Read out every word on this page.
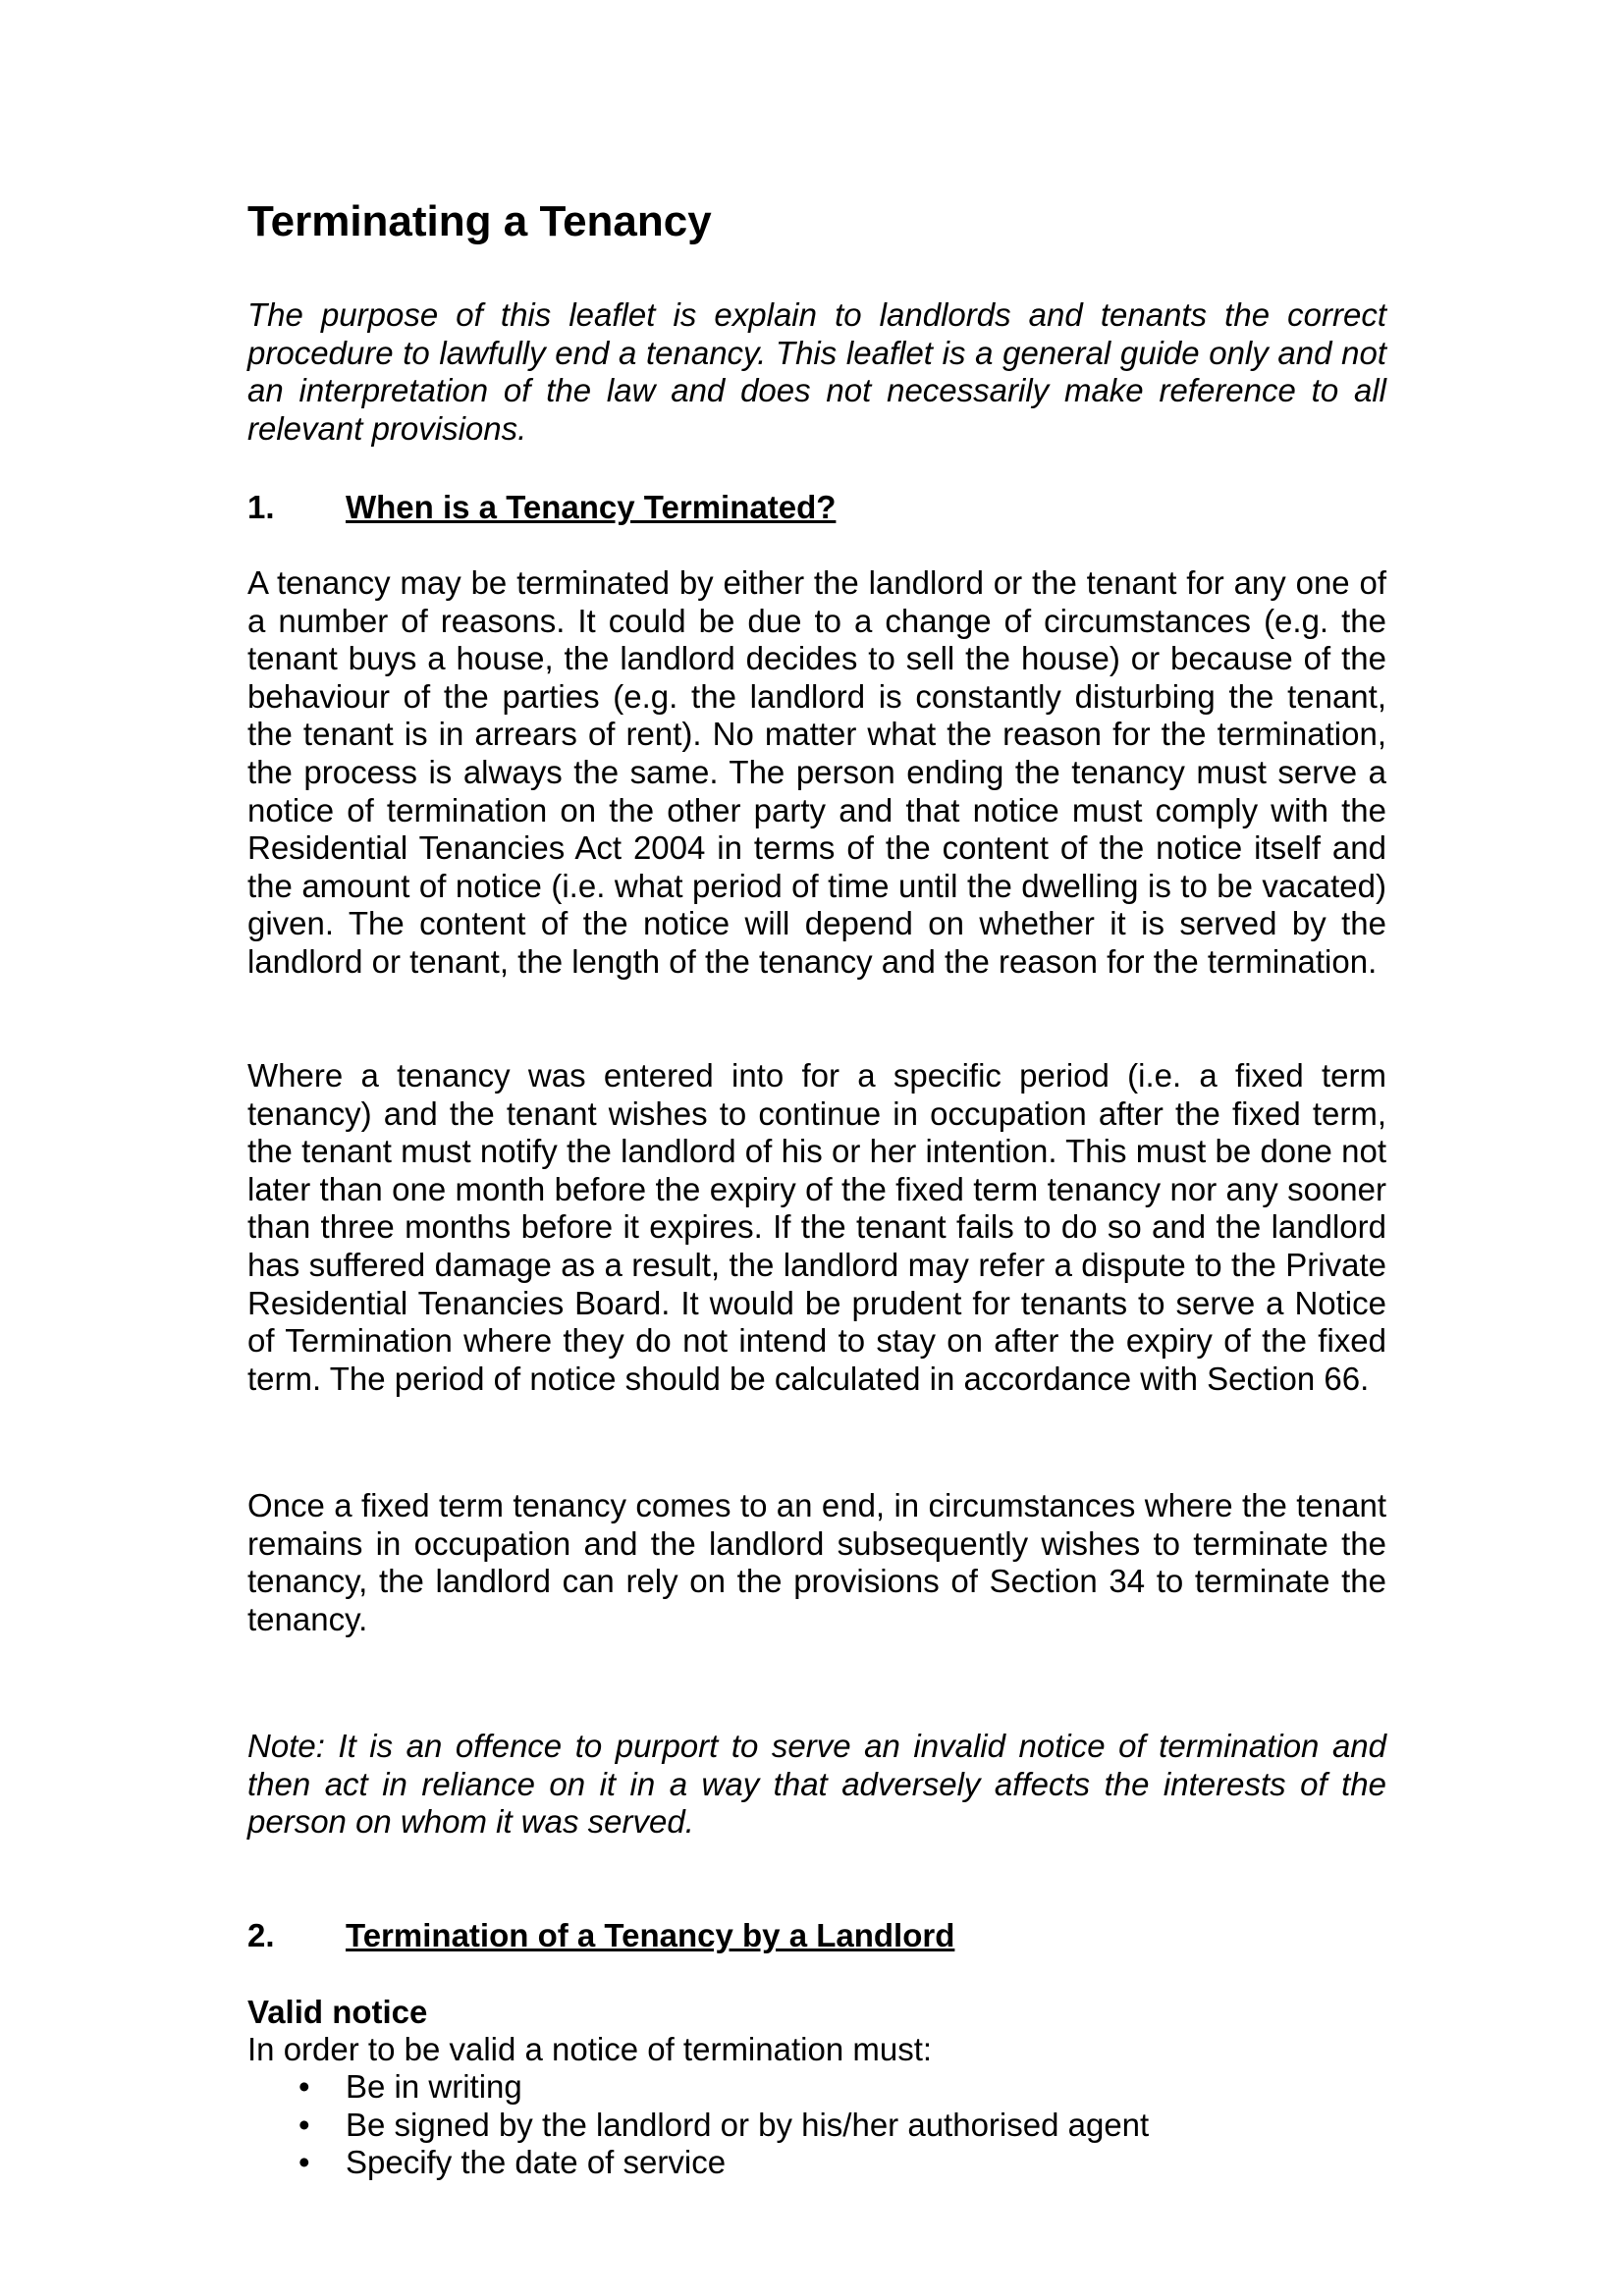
Terminating a Tenancy

The purpose of this leaflet is explain to landlords and tenants the correct procedure to lawfully end a tenancy. This leaflet is a general guide only and not an interpretation of the law and does not necessarily make reference to all relevant provisions.

1. When is a Tenancy Terminated?

A tenancy may be terminated by either the landlord or the tenant for any one of a number of reasons. It could be due to a change of circumstances (e.g. the tenant buys a house, the landlord decides to sell the house) or because of the behaviour of the parties (e.g. the landlord is constantly disturbing the tenant, the tenant is in arrears of rent). No matter what the reason for the termination, the process is always the same. The person ending the tenancy must serve a notice of termination on the other party and that notice must comply with the Residential Tenancies Act 2004 in terms of the content of the notice itself and the amount of notice (i.e. what period of time until the dwelling is to be vacated) given. The content of the notice will depend on whether it is served by the landlord or tenant, the length of the tenancy and the reason for the termination.

Where a tenancy was entered into for a specific period (i.e. a fixed term tenancy) and the tenant wishes to continue in occupation after the fixed term, the tenant must notify the landlord of his or her intention. This must be done not later than one month before the expiry of the fixed term tenancy nor any sooner than three months before it expires. If the tenant fails to do so and the landlord has suffered damage as a result, the landlord may refer a dispute to the Private Residential Tenancies Board. It would be prudent for tenants to serve a Notice of Termination where they do not intend to stay on after the expiry of the fixed term. The period of notice should be calculated in accordance with Section 66.

Once a fixed term tenancy comes to an end, in circumstances where the tenant remains in occupation and the landlord subsequently wishes to terminate the tenancy, the landlord can rely on the provisions of Section 34 to terminate the tenancy.

Note: It is an offence to purport to serve an invalid notice of termination and then act in reliance on it in a way that adversely affects the interests of the person on whom it was served.

2. Termination of a Tenancy by a Landlord
Valid notice
In order to be valid a notice of termination must:
• Be in writing
• Be signed by the landlord or by his/her authorised agent
• Specify the date of service
